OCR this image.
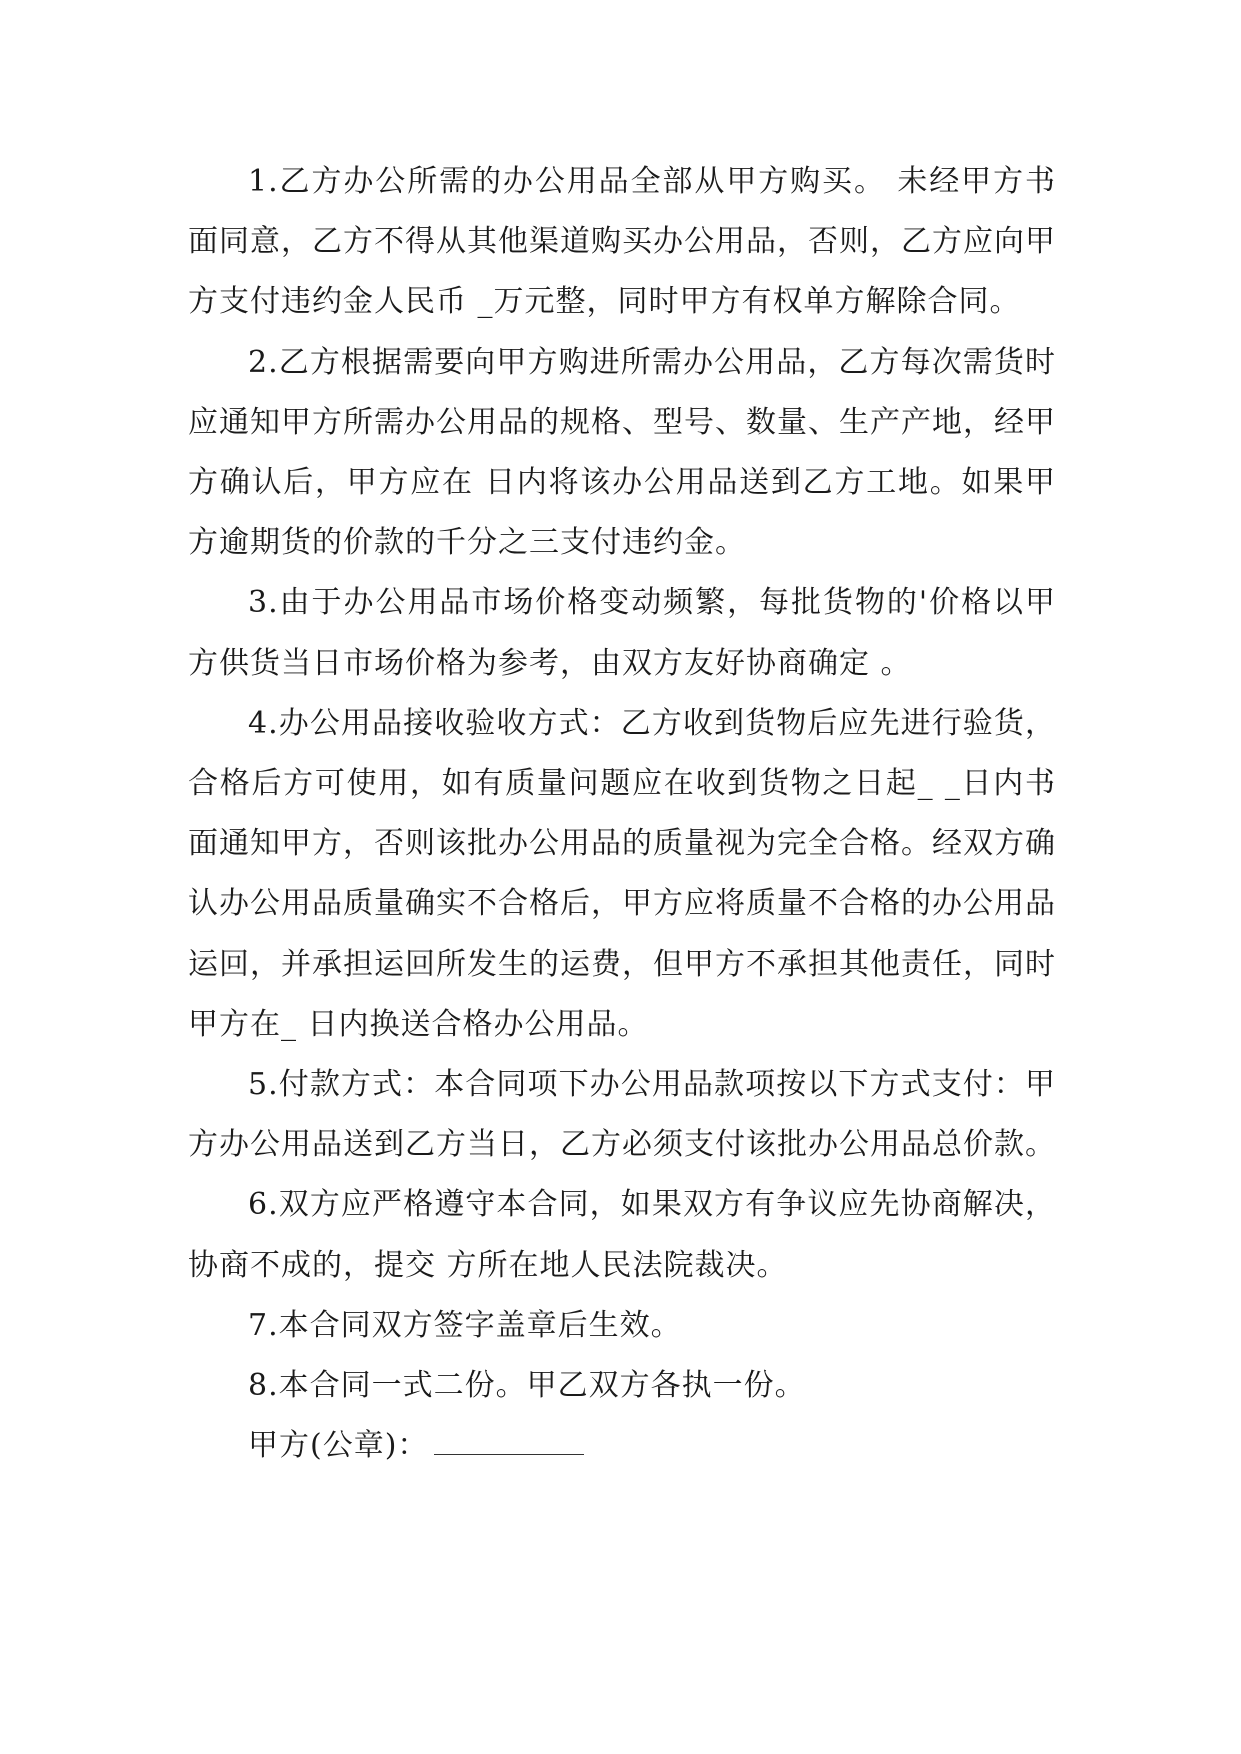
1.乙方办公所需的办公用品全部从甲方购买。 未经甲方书面同意，乙方不得从其他渠道购买办公用品，否则，乙方应向甲方支付违约金人民币 _万元整，同时甲方有权单方解除合同。

2.乙方根据需要向甲方购进所需办公用品，乙方每次需货时应通知甲方所需办公用品的规格、型号、数量、生产产地，经甲方确认后，甲方应在 日内将该办公用品送到乙方工地。如果甲方逾期货的价款的千分之三支付违约金。

3.由于办公用品市场价格变动频繁，每批货物的'价格以甲方供货当日市场价格为参考，由双方友好协商确定 。

4.办公用品接收验收方式：乙方收到货物后应先进行验货，合格后方可使用，如有质量问题应在收到货物之日起_ _日内书面通知甲方，否则该批办公用品的质量视为完全合格。经双方确认办公用品质量确实不合格后，甲方应将质量不合格的办公用品运回，并承担运回所发生的运费，但甲方不承担其他责任，同时甲方在_ 日内换送合格办公用品。

5.付款方式：本合同项下办公用品款项按以下方式支付：甲方办公用品送到乙方当日，乙方必须支付该批办公用品总价款。

6.双方应严格遵守本合同，如果双方有争议应先协商解决，协商不成的，提交 方所在地人民法院裁决。

7.本合同双方签字盖章后生效。

8.本合同一式二份。甲乙双方各执一份。

甲方(公章)：
